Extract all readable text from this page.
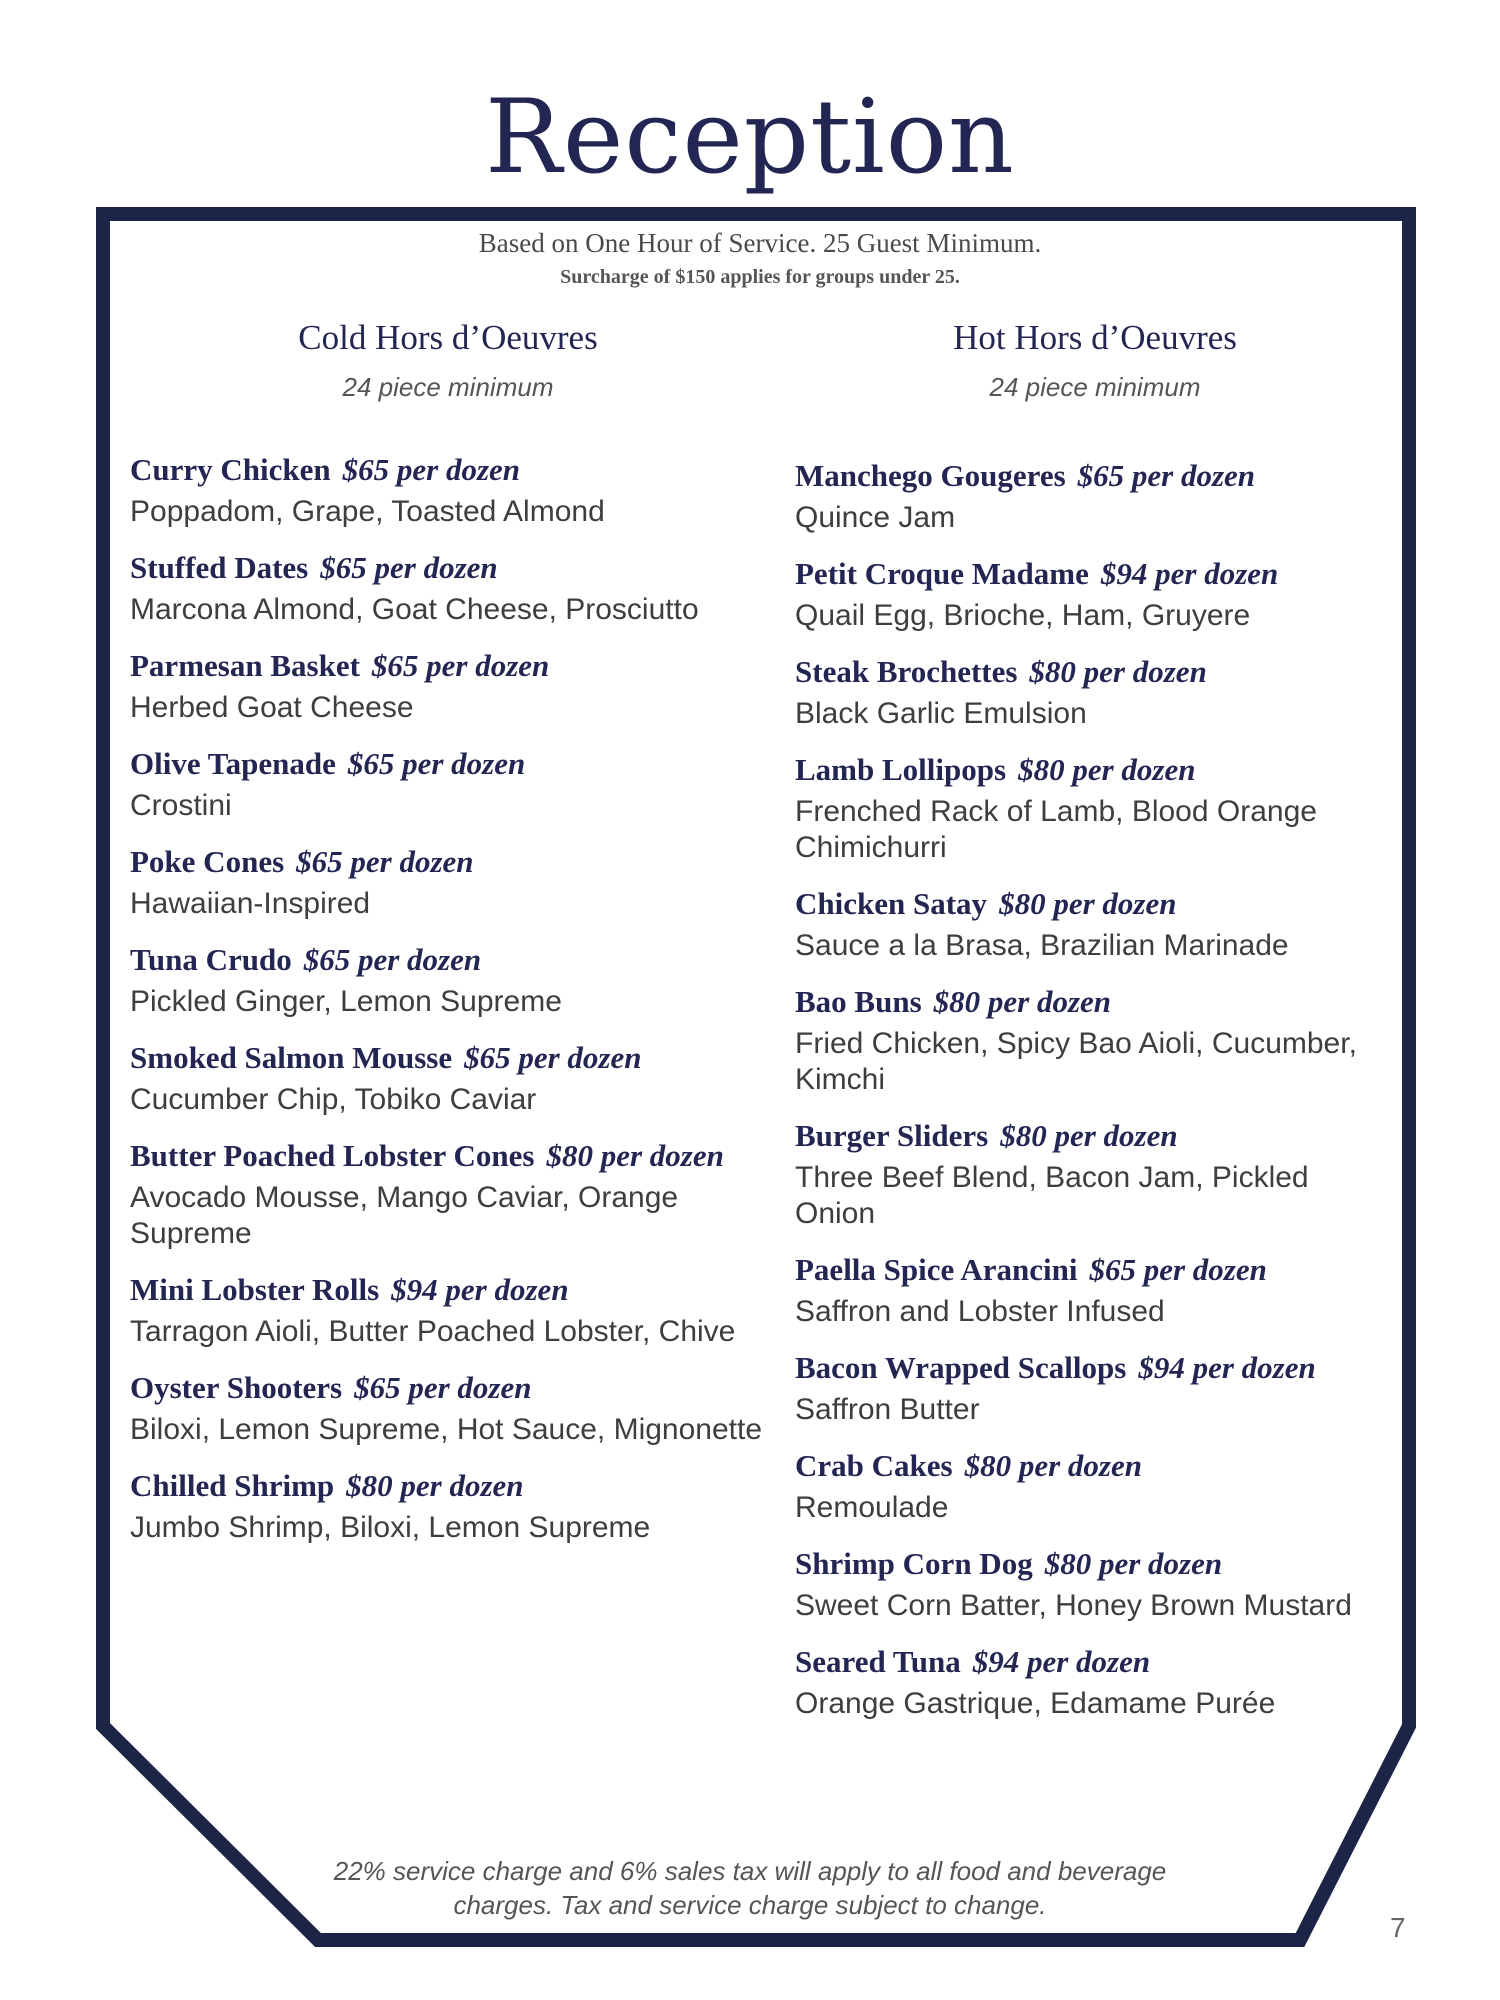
Reception
Based on One Hour of Service. 25 Guest Minimum.
Surcharge of $150 applies for groups under 25.
Cold Hors d’Oeuvres
24 piece minimum
Hot Hors d’Oeuvres
24 piece minimum
Curry Chicken $65 per dozen
Poppadom, Grape, Toasted Almond
Stuffed Dates $65 per dozen
Marcona Almond, Goat Cheese, Prosciutto
Parmesan Basket $65 per dozen
Herbed Goat Cheese
Olive Tapenade $65 per dozen
Crostini
Poke Cones $65 per dozen
Hawaiian-Inspired
Tuna Crudo $65 per dozen
Pickled Ginger, Lemon Supreme
Smoked Salmon Mousse $65 per dozen
Cucumber Chip, Tobiko Caviar
Butter Poached Lobster Cones $80 per dozen
Avocado Mousse, Mango Caviar, Orange Supreme
Mini Lobster Rolls $94 per dozen
Tarragon Aioli, Butter Poached Lobster, Chive
Oyster Shooters $65 per dozen
Biloxi, Lemon Supreme, Hot Sauce, Mignonette
Chilled Shrimp $80 per dozen
Jumbo Shrimp, Biloxi, Lemon Supreme
Manchego Gougeres $65 per dozen
Quince Jam
Petit Croque Madame $94 per dozen
Quail Egg, Brioche, Ham, Gruyere
Steak Brochettes $80 per dozen
Black Garlic Emulsion
Lamb Lollipops $80 per dozen
Frenched Rack of Lamb, Blood Orange Chimichurri
Chicken Satay $80 per dozen
Sauce a la Brasa, Brazilian Marinade
Bao Buns $80 per dozen
Fried Chicken, Spicy Bao Aioli, Cucumber, Kimchi
Burger Sliders $80 per dozen
Three Beef Blend, Bacon Jam, Pickled Onion
Paella Spice Arancini $65 per dozen
Saffron and Lobster Infused
Bacon Wrapped Scallops $94 per dozen
Saffron Butter
Crab Cakes $80 per dozen
Remoulade
Shrimp Corn Dog $80 per dozen
Sweet Corn Batter, Honey Brown Mustard
Seared Tuna $94 per dozen
Orange Gastrique, Edamame Purée
22% service charge and 6% sales tax will apply to all food and beverage charges. Tax and service charge subject to change.
7
